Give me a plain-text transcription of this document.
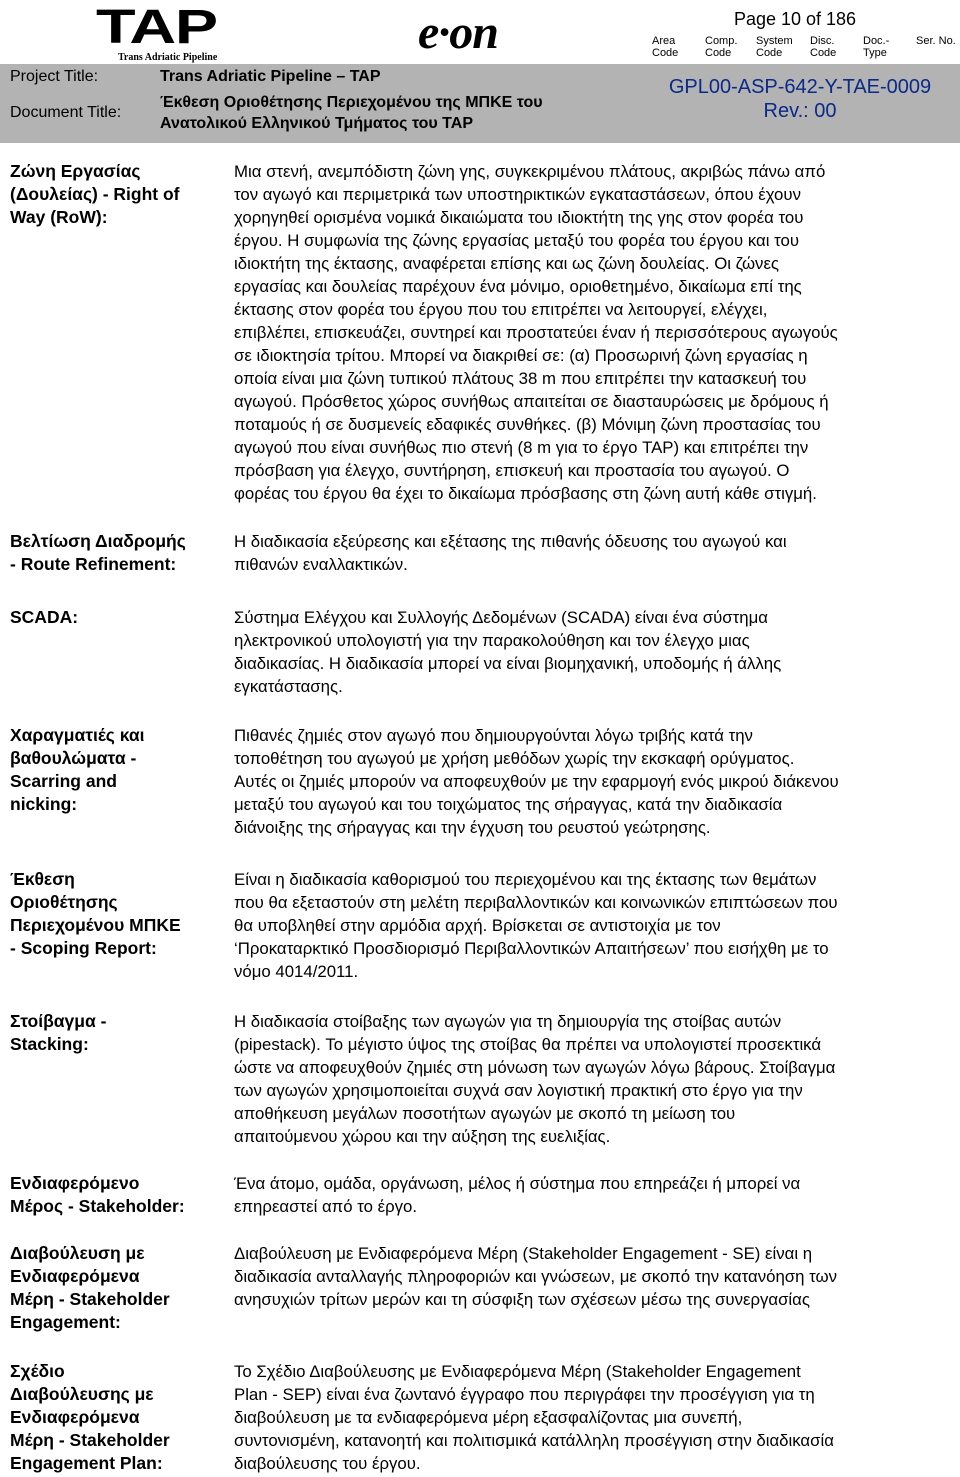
TAP
Trans Adriatic Pipeline	e·on	Page 10 of 186
Area Code
Comp. Code
System Code
Disc. Code
Doc.- Type
Ser. No.
Project Title:	Trans Adriatic Pipeline – TAP
Document Title:
Έκθεση Οριοθέτησης Περιεχομένου της ΜΠΚΕ του
Ανατολικού Ελληνικού Τμήματος του TAP
GPL00-ASP-642-Y-TAE-0009
Rev.: 00
Ζώνη Εργασίας
(Δουλείας) - Right of
Way (RoW):
Μια στενή, ανεμπόδιστη ζώνη γης, συγκεκριμένου πλάτους, ακριβώς πάνω από
τον αγωγό και περιμετρικά των υποστηρικτικών εγκαταστάσεων, όπου έχουν
χορηγηθεί ορισμένα νομικά δικαιώματα του ιδιοκτήτη της γης στον φορέα του
έργου. Η συμφωνία της ζώνης εργασίας μεταξύ του φορέα του έργου και του
ιδιοκτήτη της έκτασης, αναφέρεται επίσης και ως ζώνη δουλείας. Οι ζώνες
εργασίας και δουλείας παρέχουν ένα μόνιμο, οριοθετημένο, δικαίωμα επί της
έκτασης στον φορέα του έργου που του επιτρέπει να λειτουργεί, ελέγχει,
επιβλέπει, επισκευάζει, συντηρεί και προστατεύει έναν ή περισσότερους αγωγούς
σε ιδιοκτησία τρίτου. Μπορεί να διακριθεί σε: (α) Προσωρινή ζώνη εργασίας η
οποία είναι μια ζώνη τυπικού πλάτους 38 m που επιτρέπει την κατασκευή του
αγωγού. Πρόσθετος χώρος συνήθως απαιτείται σε διασταυρώσεις με δρόμους ή
ποταμούς ή σε δυσμενείς εδαφικές συνθήκες. (β) Μόνιμη ζώνη προστασίας του
αγωγού που είναι συνήθως πιο στενή (8 m για το έργο TAP) και επιτρέπει την
πρόσβαση για έλεγχο, συντήρηση, επισκευή και προστασία του αγωγού. Ο
φορέας του έργου θα έχει το δικαίωμα πρόσβασης στη ζώνη αυτή κάθε στιγμή.
Βελτίωση Διαδρομής
- Route Refinement:
Η διαδικασία εξεύρεσης και εξέτασης της πιθανής όδευσης του αγωγού και
πιθανών εναλλακτικών.
SCADA:	Σύστημα Ελέγχου και Συλλογής Δεδομένων (SCADA) είναι ένα σύστημα
ηλεκτρονικού υπολογιστή για την παρακολούθηση και τον έλεγχο μιας
διαδικασίας. Η διαδικασία μπορεί να είναι βιομηχανική, υποδομής ή άλλης
εγκατάστασης.
Χαραγματιές και
βαθουλώματα -
Scarring and
nicking:
Πιθανές ζημιές στον αγωγό που δημιουργούνται λόγω τριβής κατά την
τοποθέτηση του αγωγού με χρήση μεθόδων χωρίς την εκσκαφή ορύγματος.
Αυτές οι ζημιές μπορούν να αποφευχθούν με την εφαρμογή ενός μικρού διάκενου
μεταξύ του αγωγού και του τοιχώματος της σήραγγας, κατά την διαδικασία
διάνοιξης της σήραγγας και την έγχυση του ρευστού γεώτρησης.
Έκθεση
Οριοθέτησης
Περιεχομένου ΜΠΚΕ
- Scoping Report:
Είναι η διαδικασία καθορισμού του περιεχομένου και της έκτασης των θεμάτων
που θα εξεταστούν στη μελέτη περιβαλλοντικών και κοινωνικών επιπτώσεων που
θα υποβληθεί στην αρμόδια αρχή. Βρίσκεται σε αντιστοιχία με τον
‘Προκαταρκτικό Προσδιορισμό Περιβαλλοντικών Απαιτήσεων’ που εισήχθη με το
νόμο 4014/2011.
Στοίβαγμα -
Stacking:
Η διαδικασία στοίβαξης των αγωγών για τη δημιουργία της στοίβας αυτών
(pipestack). Το μέγιστο ύψος της στοίβας θα πρέπει να υπολογιστεί προσεκτικά
ώστε να αποφευχθούν ζημιές στη μόνωση των αγωγών λόγω βάρους. Στοίβαγμα
των αγωγών χρησιμοποιείται συχνά σαν λογιστική πρακτική στο έργο για την
αποθήκευση μεγάλων ποσοτήτων αγωγών με σκοπό τη μείωση του
απαιτούμενου χώρου και την αύξηση της ευελιξίας.
Ενδιαφερόμενο
Μέρος - Stakeholder:
Ένα άτομο, ομάδα, οργάνωση, μέλος ή σύστημα που επηρεάζει ή μπορεί να
επηρεαστεί από το έργο.
Διαβούλευση με
Ενδιαφερόμενα
Μέρη - Stakeholder
Engagement:
Διαβούλευση με Ενδιαφερόμενα Μέρη (Stakeholder Engagement - SE) είναι η
διαδικασία ανταλλαγής πληροφοριών και γνώσεων, με σκοπό την κατανόηση των
ανησυχιών τρίτων μερών και τη σύσφιξη των σχέσεων μέσω της συνεργασίας
Σχέδιο
Διαβούλευσης με
Ενδιαφερόμενα
Μέρη - Stakeholder
Engagement Plan:
Το Σχέδιο Διαβούλευσης με Ενδιαφερόμενα Μέρη (Stakeholder Engagement
Plan - SEP) είναι ένα ζωντανό έγγραφο που περιγράφει την προσέγγιση για τη
διαβούλευση με τα ενδιαφερόμενα μέρη εξασφαλίζοντας μια συνεπή,
συντονισμένη, κατανοητή και πολιτισμικά κατάλληλη προσέγγιση στην διαδικασία
διαβούλευσης του έργου.
